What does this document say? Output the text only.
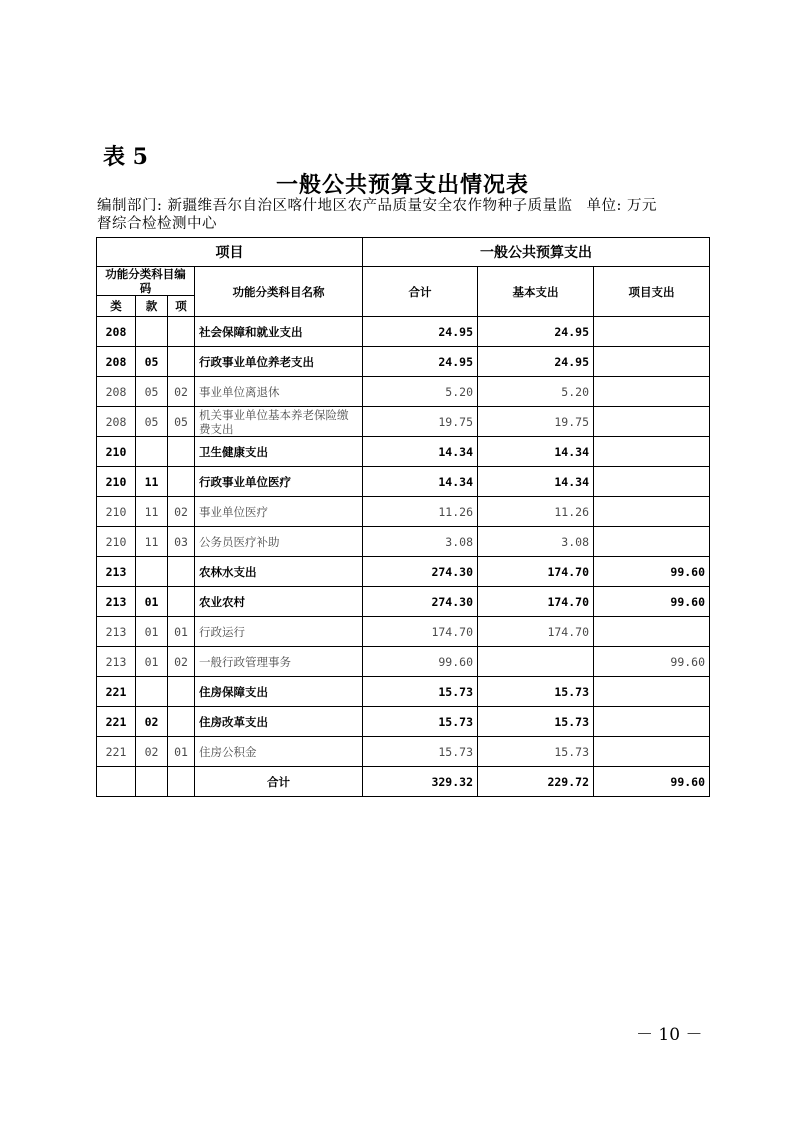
表 5
一般公共预算支出情况表
编制部门: 新疆维吾尔自治区喀什地区农产品质量安全农作物种子质量监 单位: 万元
督综合检检测中心
项目				一般公共预算支出		
功能分类科目编码			功能分类科目名称	合计	基本支出	项目支出
类	款	项				
208			社会保障和就业支出	24.95	24.95	
208	05		行政事业单位养老支出	24.95	24.95	
208	05	02	事业单位离退休	5.20	5.20	
208	05	05	机关事业单位基本养老保险缴费支出	19.75	19.75	
210			卫生健康支出	14.34	14.34	
210	11		行政事业单位医疗	14.34	14.34	
210	11	02	事业单位医疗	11.26	11.26	
210	11	03	公务员医疗补助	3.08	3.08	
213			农林水支出	274.30	174.70	99.60
213	01		农业农村	274.30	174.70	99.60
213	01	01	行政运行	174.70	174.70	
213	01	02	一般行政管理事务	99.60		99.60
221			住房保障支出	15.73	15.73	
221	02		住房改革支出	15.73	15.73	
221	02	01	住房公积金	15.73	15.73	
			合计	329.32	229.72	99.60
－ 10 －
